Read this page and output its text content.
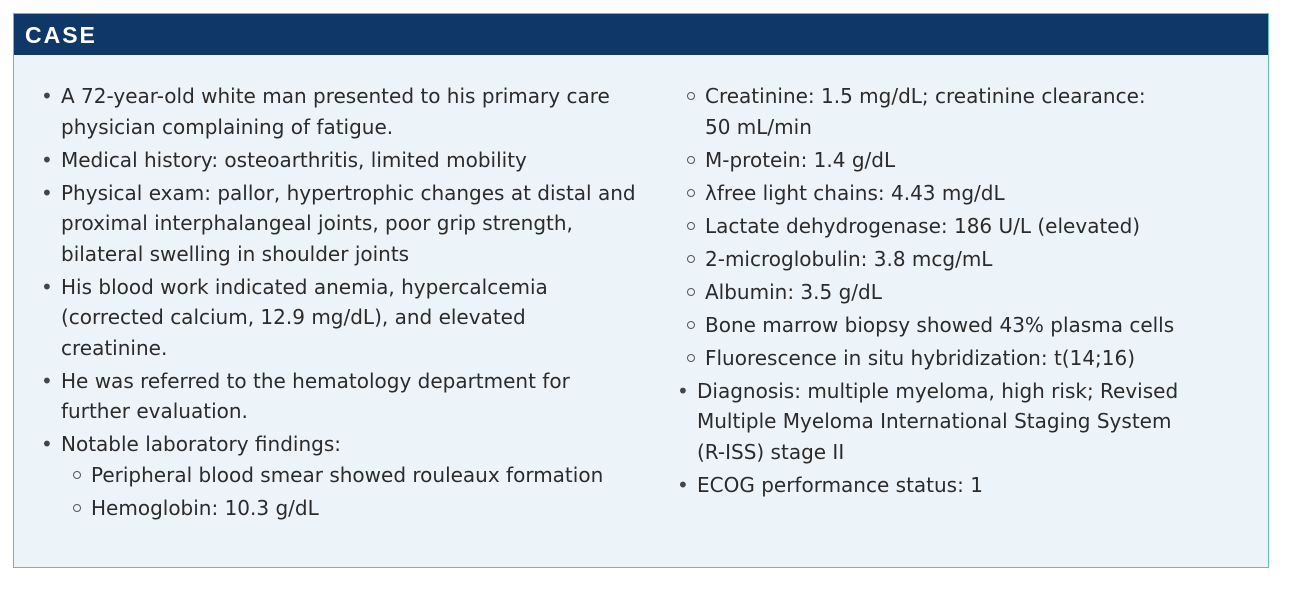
CASE
• A 72-year-old white man presented to his primary care physician complaining of fatigue.
• Medical history: osteoarthritis, limited mobility
• Physical exam: pallor, hypertrophic changes at distal and proximal interphalangeal joints, poor grip strength, bilateral swelling in shoulder joints
• His blood work indicated anemia, hypercalcemia (corrected calcium, 12.9 mg/dL), and elevated creatinine.
• He was referred to the hematology department for further evaluation.
• Notable laboratory findings:
Peripheral blood smear showed rouleaux formation
Hemoglobin: 10.3 g/dL
Creatinine: 1.5 mg/dL; creatinine clearance: 50 mL/min
M-protein: 1.4 g/dL
λfree light chains: 4.43 mg/dL
Lactate dehydrogenase: 186 U/L (elevated)
2-microglobulin: 3.8 mcg/mL
Albumin: 3.5 g/dL
Bone marrow biopsy showed 43% plasma cells
Fluorescence in situ hybridization: t(14;16)
• Diagnosis: multiple myeloma, high risk; Revised Multiple Myeloma International Staging System (R-ISS) stage II
• ECOG performance status: 1
